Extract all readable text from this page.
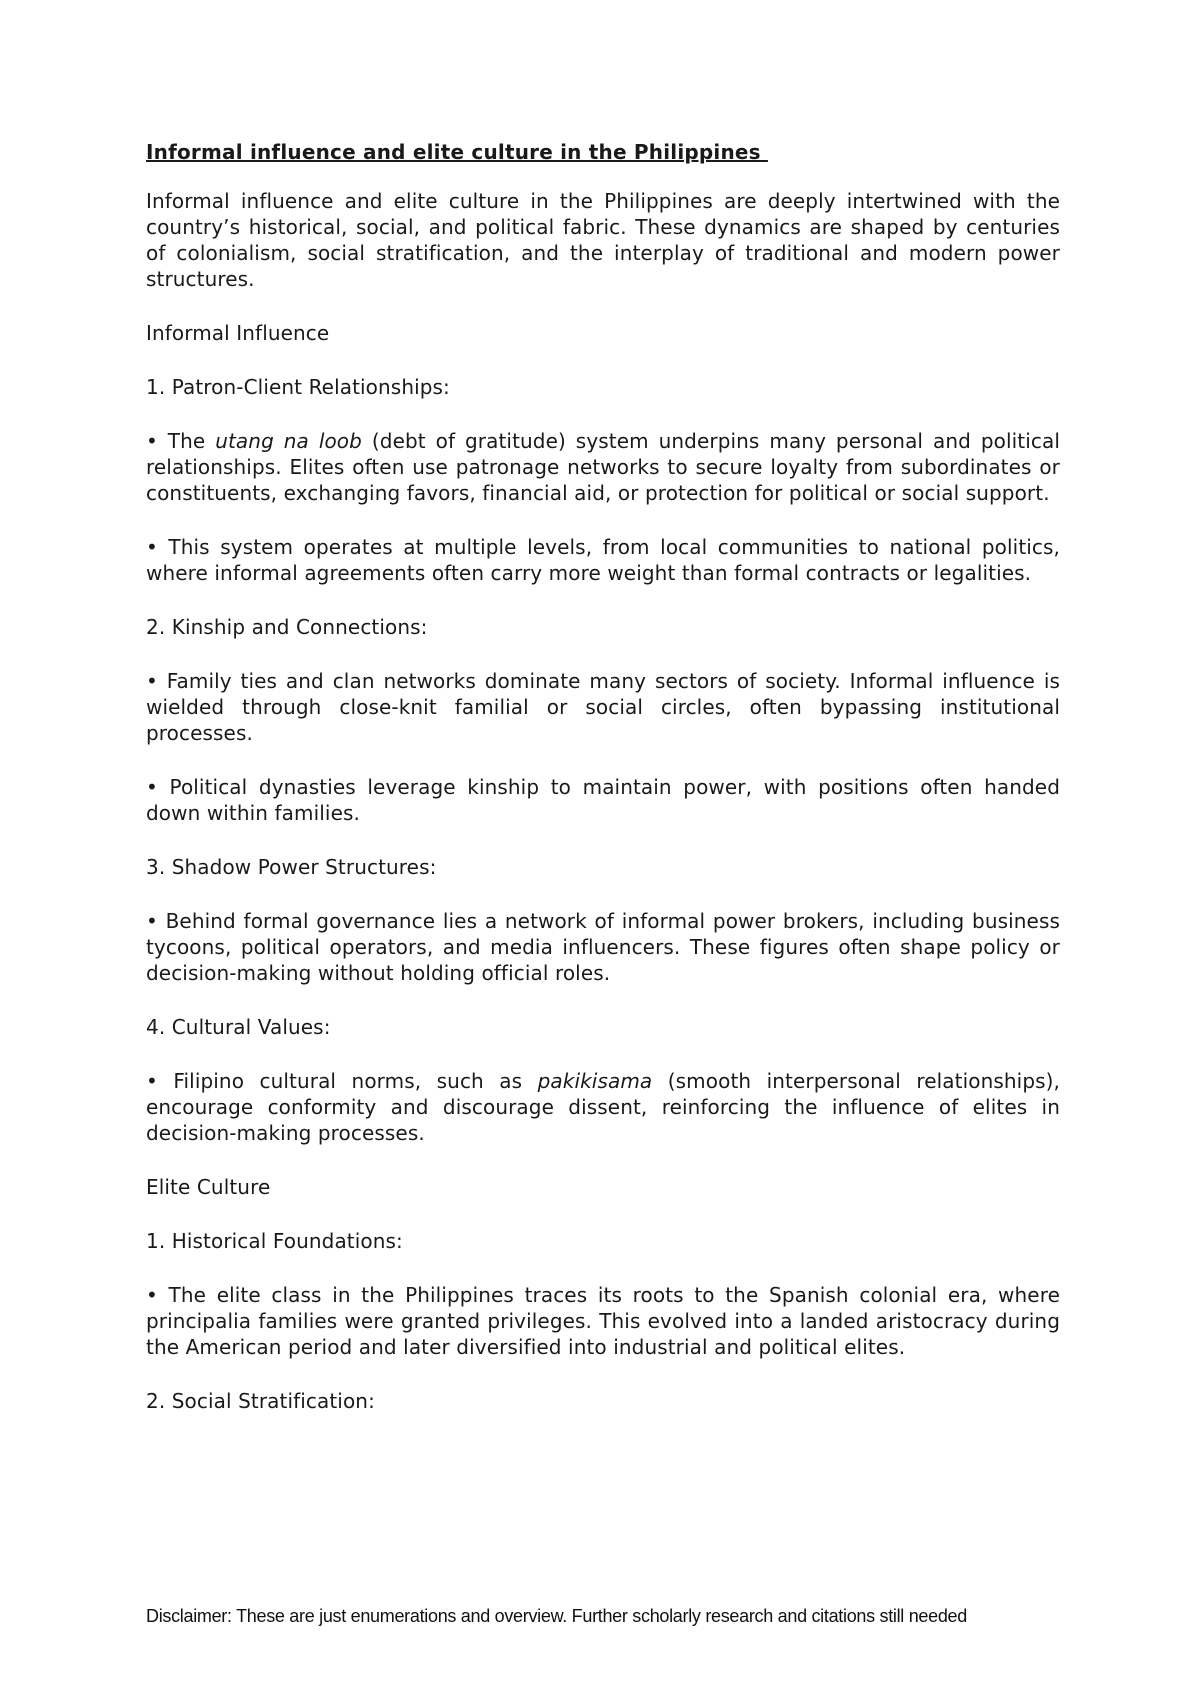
Informal influence and elite culture in the Philippines

Informal influence and elite culture in the Philippines are deeply intertwined with the country’s historical, social, and political fabric. These dynamics are shaped by centuries of colonialism, social stratification, and the interplay of traditional and modern power structures.

Informal Influence

1. Patron-Client Relationships:

• The utang na loob (debt of gratitude) system underpins many personal and political relationships. Elites often use patronage networks to secure loyalty from subordinates or constituents, exchanging favors, financial aid, or protection for political or social support.

• This system operates at multiple levels, from local communities to national politics, where informal agreements often carry more weight than formal contracts or legalities.

2. Kinship and Connections:

• Family ties and clan networks dominate many sectors of society. Informal influence is wielded through close-knit familial or social circles, often bypassing institutional processes.

• Political dynasties leverage kinship to maintain power, with positions often handed down within families.

3. Shadow Power Structures:

• Behind formal governance lies a network of informal power brokers, including business tycoons, political operators, and media influencers. These figures often shape policy or decision-making without holding official roles.

4. Cultural Values:

• Filipino cultural norms, such as pakikisama (smooth interpersonal relationships), encourage conformity and discourage dissent, reinforcing the influence of elites in decision-making processes.

Elite Culture

1. Historical Foundations:

• The elite class in the Philippines traces its roots to the Spanish colonial era, where principalia families were granted privileges. This evolved into a landed aristocracy during the American period and later diversified into industrial and political elites.

2. Social Stratification:

Disclaimer: These are just enumerations and overview. Further scholarly research and citations still needed
